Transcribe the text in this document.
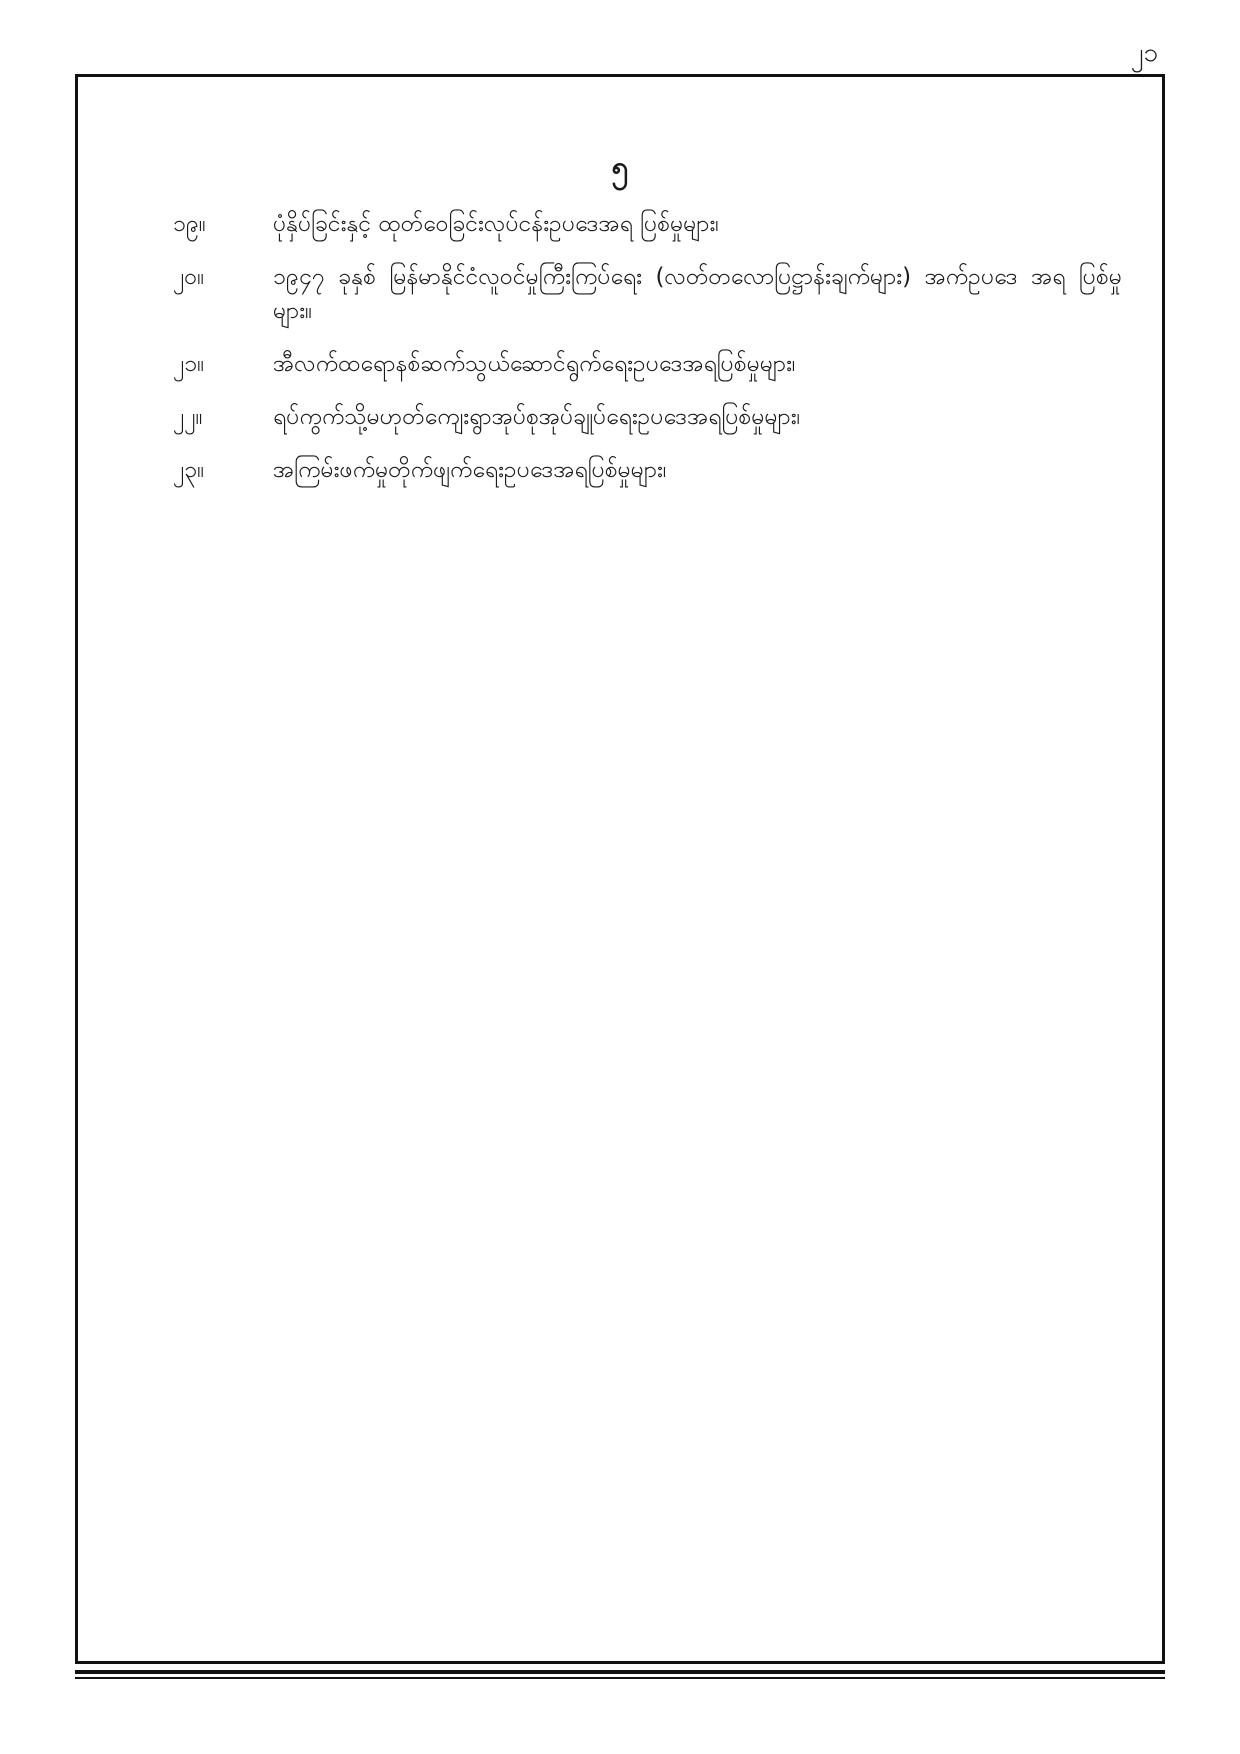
၂၁
၅
၁၉။	ပုံနှိပ်ခြင်းနှင့် ထုတ်ဝေခြင်းလုပ်ငန်းဥပဒေအရ ပြစ်မှုများ၊
၂၀။	၁၉၄၇ ခုနှစ် မြန်မာနိုင်ငံလူဝင်မှုကြီးကြပ်ရေး (လတ်တလောပြဋ္ဌာန်းချက်များ) အက်ဥပဒေ အရ ပြစ်မှုများ။
၂၁။	အီလက်ထရောနစ်ဆက်သွယ်ဆောင်ရွက်ရေးဥပဒေအရပြစ်မှုများ၊
၂၂။	ရပ်ကွက်သို့မဟုတ်ကျေးရွာအုပ်စုအုပ်ချုပ်ရေးဥပဒေအရပြစ်မှုများ၊
၂၃။	အကြမ်းဖက်မှုတိုက်ဖျက်ရေးဥပဒေအရပြစ်မှုများ၊
